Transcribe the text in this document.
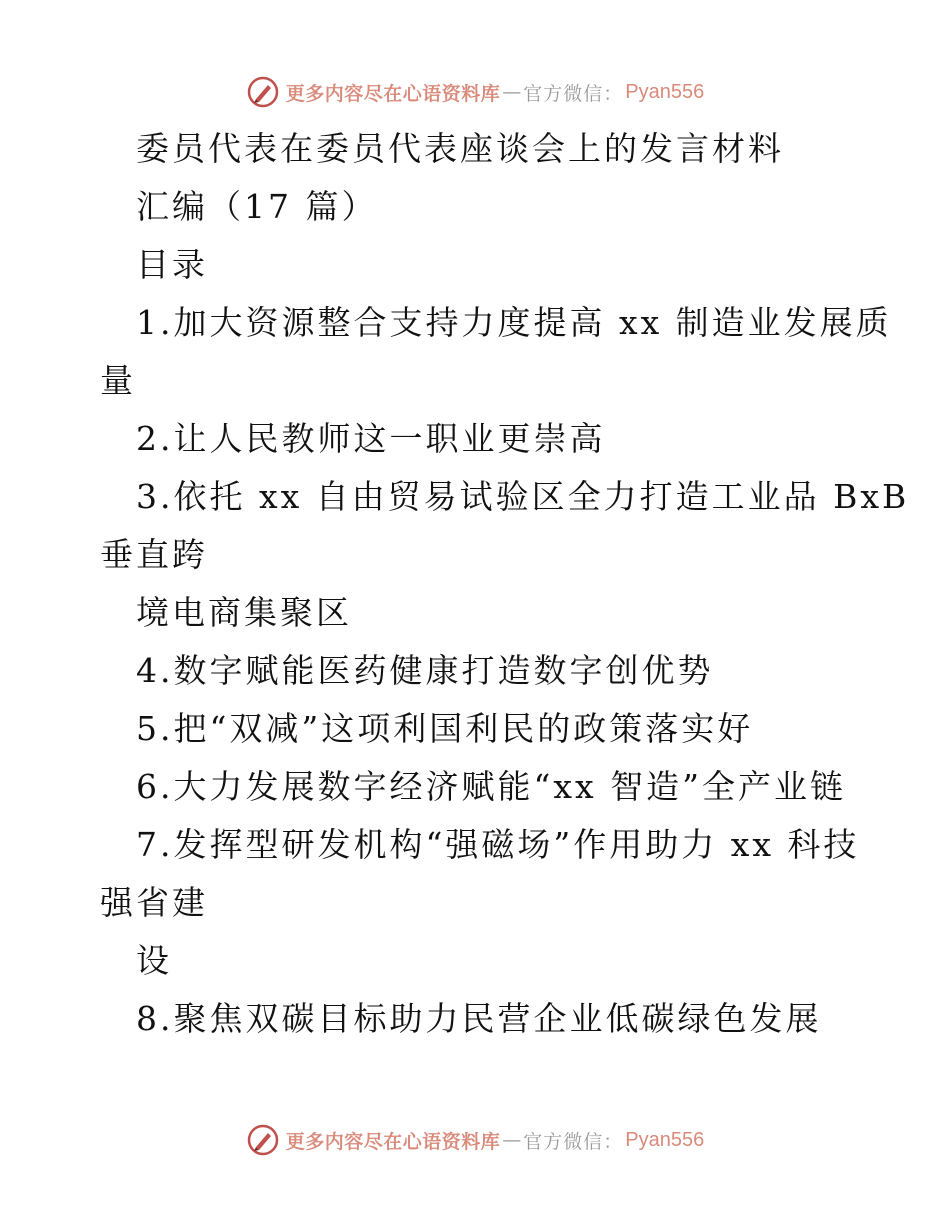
更多内容尽在心语资料库 — 官方微信： Pyan556
委员代表在委员代表座谈会上的发言材料
汇编（17 篇）
目录
1.加大资源整合支持力度提高 xx 制造业发展质
量
2.让人民教师这一职业更崇高
3.依托 xx 自由贸易试验区全力打造工业品 BxB
垂直跨
境电商集聚区
4.数字赋能医药健康打造数字创优势
5.把“双减”这项利国利民的政策落实好
6.大力发展数字经济赋能“xx 智造”全产业链
7.发挥型研发机构“强磁场”作用助力 xx 科技
强省建
设
8.聚焦双碳目标助力民营企业低碳绿色发展
更多内容尽在心语资料库 — 官方微信： Pyan556
